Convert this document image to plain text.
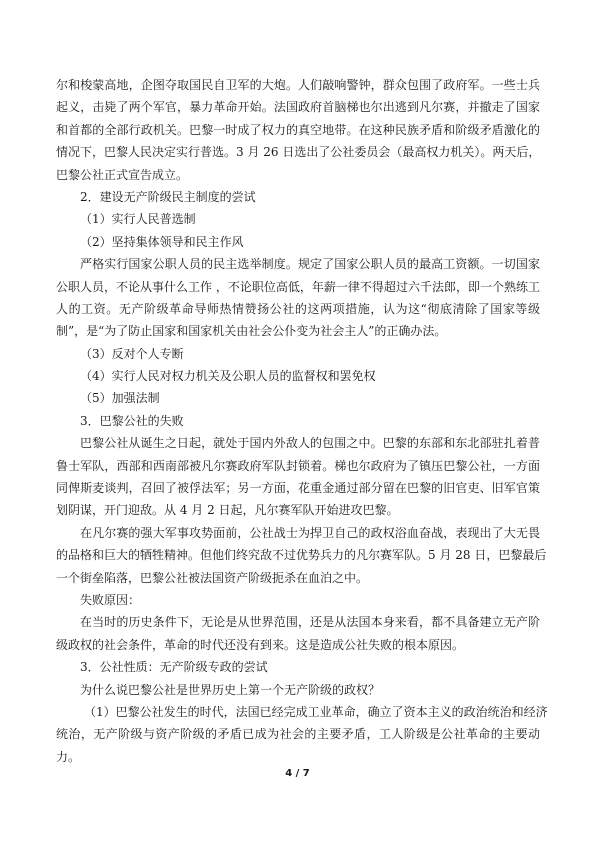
尔和梭蒙高地，企图夺取国民自卫军的大炮。人们敲响警钟，群众包围了政府军。一些士兵
起义，击毙了两个军官，暴力革命开始。法国政府首脑梯也尔出逃到凡尔赛，并撤走了国家
和首都的全部行政机关。巴黎一时成了权力的真空地带。在这种民族矛盾和阶级矛盾激化的
情况下，巴黎人民决定实行普选。3 月 26 日选出了公社委员会（最高权力机关）。两天后，
巴黎公社正式宣告成立。
2．建设无产阶级民主制度的尝试
（1）实行人民普选制
（2）坚持集体领导和民主作风
严格实行国家公职人员的民主选举制度。规定了国家公职人员的最高工资额。一切国家
公职人员，不论从事什么工作 ，不论职位高低，年薪一律不得超过六千法郎，即一个熟练工
人的工资。无产阶级革命导师热情赞扬公社的这两项措施，认为这“彻底清除了国家等级
制”，是“为了防止国家和国家机关由社会公仆变为社会主人”的正确办法。
（3）反对个人专断
（4）实行人民对权力机关及公职人员的监督权和罢免权
（5）加强法制
3．巴黎公社的失败
巴黎公社从诞生之日起，就处于国内外敌人的包围之中。巴黎的东部和东北部驻扎着普
鲁士军队，西部和西南部被凡尔赛政府军队封锁着。梯也尔政府为了镇压巴黎公社，一方面
同俾斯麦谈判，召回了被俘法军；另一方面，花重金通过部分留在巴黎的旧官吏、旧军官策
划阴谋，开门迎敌。从 4 月 2 日起，凡尔赛军队开始进攻巴黎。
在凡尔赛的强大军事攻势面前，公社战士为捍卫自己的政权浴血奋战，表现出了大无畏
的品格和巨大的牺牲精神。但他们终究敌不过优势兵力的凡尔赛军队。5 月 28 日，巴黎最后
一个街垒陷落，巴黎公社被法国资产阶级扼杀在血泊之中。
失败原因：
在当时的历史条件下，无论是从世界范围，还是从法国本身来看，都不具备建立无产阶
级政权的社会条件，革命的时代还没有到来。这是造成公社失败的根本原因。
3．公社性质：无产阶级专政的尝试
为什么说巴黎公社是世界历史上第一个无产阶级的政权？
（1）巴黎公社发生的时代，法国已经完成工业革命，确立了资本主义的政治统治和经济
统治，无产阶级与资产阶级的矛盾已成为社会的主要矛盾，工人阶级是公社革命的主要动
力。
4 / 7
